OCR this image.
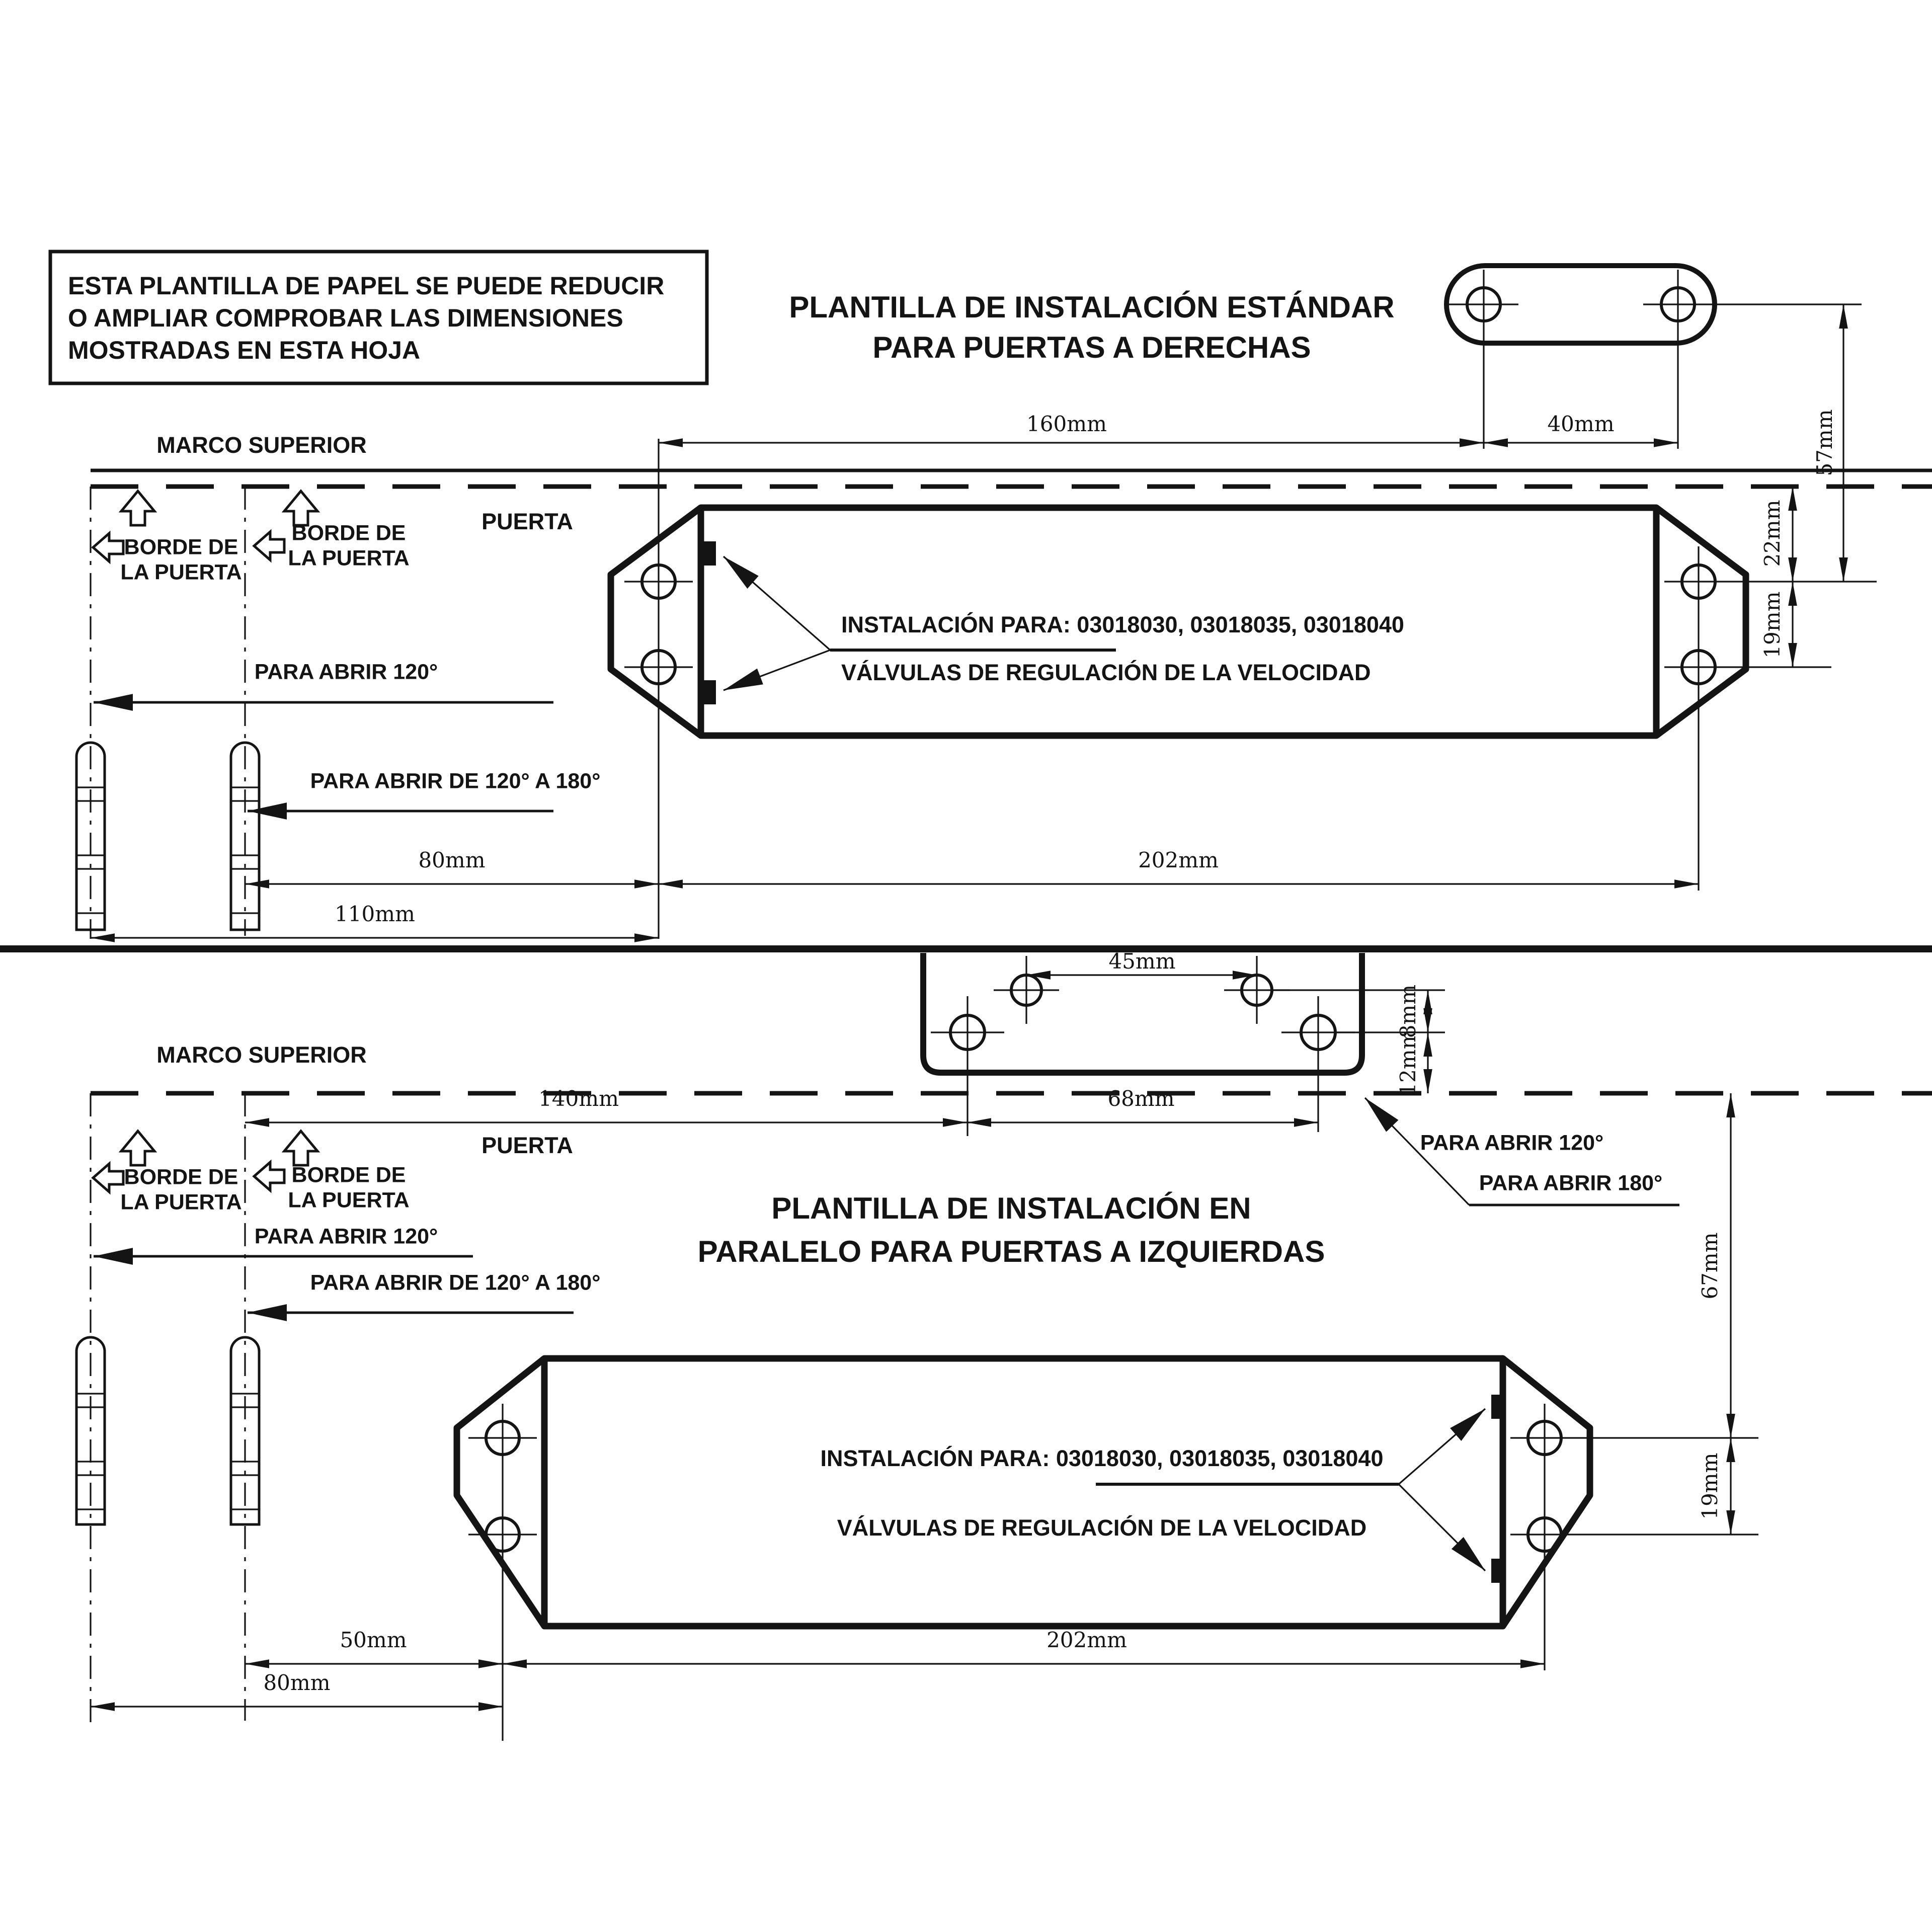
ESTA PLANTILLA DE PAPEL SE PUEDE REDUCIR
O AMPLIAR COMPROBAR LAS DIMENSIONES
MOSTRADAS EN ESTA HOJA
PLANTILLA DE INSTALACIÓN ESTÁNDAR
PARA PUERTAS A DERECHAS
160mm	40mm	57mm
MARCO SUPERIOR
PUERTA
BORDE DE
LA PUERTA
BORDE DE
LA PUERTA
INSTALACIÓN PARA: 03018030, 03018035, 03018040
VÁLVULAS DE REGULACIÓN DE LA VELOCIDAD
22mm
19mm
PARA ABRIR 120°
PARA ABRIR DE 120° A 180°
80mm	202mm
110mm
45mm
8mm
12mm
MARCO SUPERIOR
140mm	68mm
PUERTA
BORDE DE
LA PUERTA
BORDE DE
LA PUERTA
PARA ABRIR 120°
PARA ABRIR 180°
PARA ABRIR 120°
PARA ABRIR DE 120° A 180°
PLANTILLA DE INSTALACIÓN EN
PARALELO PARA PUERTAS A IZQUIERDAS	67mm
19mm
INSTALACIÓN PARA: 03018030, 03018035, 03018040
VÁLVULAS DE REGULACIÓN DE LA VELOCIDAD
50mm	202mm
80mm
